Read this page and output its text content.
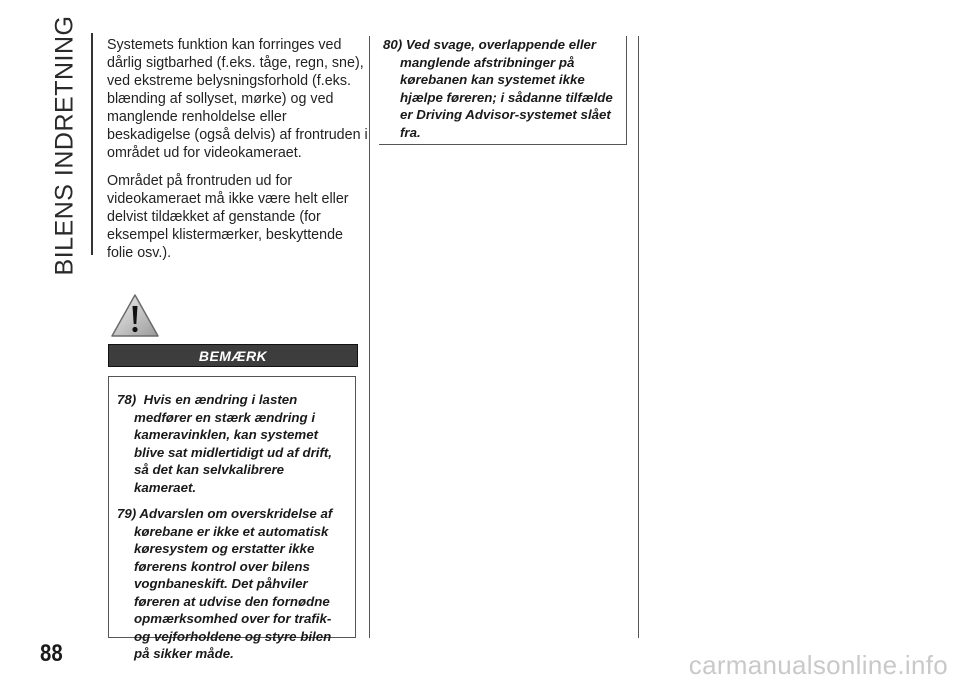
BILENS INDRETNING Systemets funktion kan forringes ved dårlig sigtbarhed (f.eks. tåge, regn, sne), ved ekstreme belysningsforhold (f.eks. blænding af sollyset, mørke) og ved manglende renholdelse eller beskadigelse (også delvis) af frontruden i området ud for videokameraet.

Området på frontruden ud for videokameraet må ikke være helt eller delvist tildækket af genstande (for eksempel klistermærker, beskyttende folie osv.).

BEMÆRK

78) Hvis en ændring i lasten medfører en stærk ændring i kameravinklen, kan systemet blive sat midlertidigt ud af drift, så det kan selvkalibrere kameraet.

79) Advarslen om overskridelse af kørebane er ikke et automatisk køresystem og erstatter ikke førerens kontrol over bilens vognbaneskift. Det påhviler føreren at udvise den fornødne opmærksomhed over for trafik- og vejforholdene og styre bilen på sikker måde.

80) Ved svage, overlappende eller manglende afstribninger på kørebanen kan systemet ikke hjælpe føreren; i sådanne tilfælde er Driving Advisor-systemet slået fra.

88	carmanualsonline.info
